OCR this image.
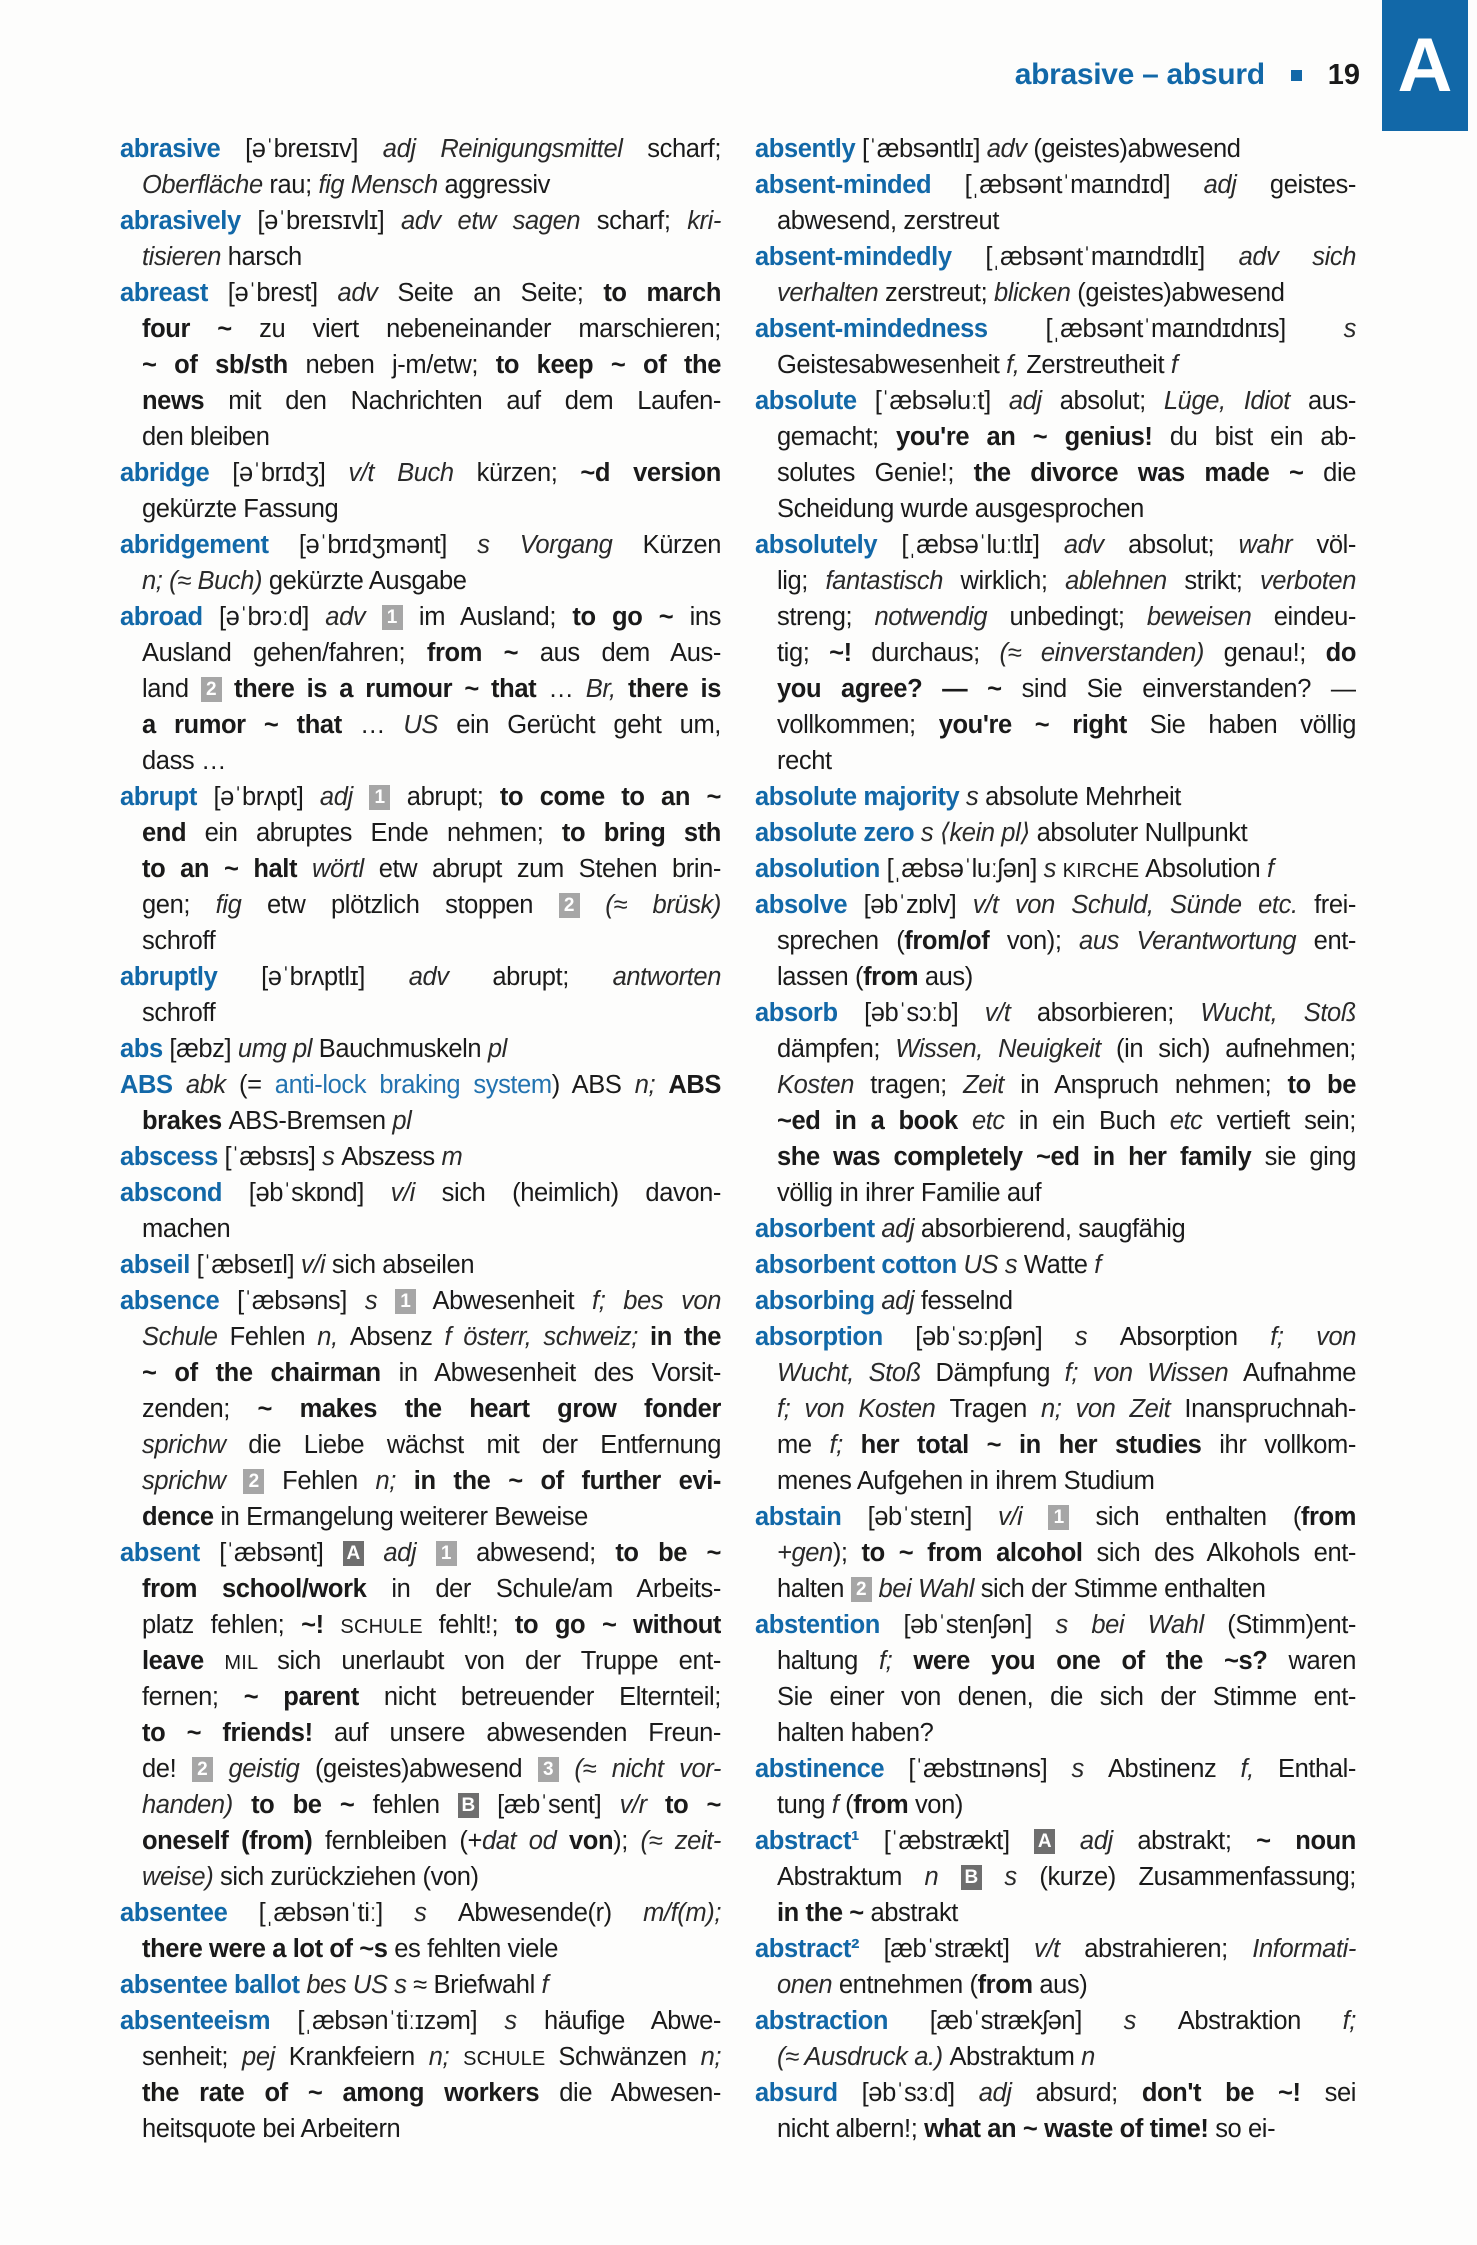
abrasive – absurd 19 A
abrasive [əˈbreɪsɪv] adj Reinigungsmittel scharf;
Oberfläche rau; fig Mensch aggressiv
abrasively [əˈbreɪsɪvlɪ] adv etw sagen scharf; kri-
tisieren harsch
abreast [əˈbrest] adv Seite an Seite; to march
four ~ zu viert nebeneinander marschieren;
~ of sb/sth neben j-m/etw; to keep ~ of the
news mit den Nachrichten auf dem Laufen-
den bleiben
abridge [əˈbrɪdʒ] v/t Buch kürzen; ~d version
gekürzte Fassung
abridgement [əˈbrɪdʒmənt] s Vorgang Kürzen
n; (≈ Buch) gekürzte Ausgabe
abroad [əˈbrɔːd] adv 1 im Ausland; to go ~ ins
Ausland gehen/fahren; from ~ aus dem Aus-
land 2 there is a rumour ~ that … Br, there is
a rumor ~ that … US ein Gerücht geht um,
dass …
abrupt [əˈbrʌpt] adj 1 abrupt; to come to an ~
end ein abruptes Ende nehmen; to bring sth
to an ~ halt wörtl etw abrupt zum Stehen brin-
gen; fig etw plötzlich stoppen 2 (≈ brüsk)
schroff
abruptly [əˈbrʌptlɪ] adv abrupt; antworten
schroff
abs [æbz] umg pl Bauchmuskeln pl
ABS abk (= anti-lock braking system) ABS n; ABS
brakes ABS-Bremsen pl
abscess [ˈæbsɪs] s Abszess m
abscond [əbˈskɒnd] v/i sich (heimlich) davon-
machen
abseil [ˈæbseɪl] v/i sich abseilen
absence [ˈæbsəns] s 1 Abwesenheit f; bes von
Schule Fehlen n, Absenz f österr, schweiz; in the
~ of the chairman in Abwesenheit des Vorsit-
zenden; ~ makes the heart grow fonder
sprichw die Liebe wächst mit der Entfernung
sprichw 2 Fehlen n; in the ~ of further evi-
dence in Ermangelung weiterer Beweise
absent [ˈæbsənt] A adj 1 abwesend; to be ~
from school/work in der Schule/am Arbeits-
platz fehlen; ~! SCHULE fehlt!; to go ~ without
leave MIL sich unerlaubt von der Truppe ent-
fernen; ~ parent nicht betreuender Elternteil;
to ~ friends! auf unsere abwesenden Freun-
de! 2 geistig (geistes)abwesend 3 (≈ nicht vor-
handen) to be ~ fehlen B [æbˈsent] v/r to ~
oneself (from) fernbleiben (+dat od von); (≈ zeit-
weise) sich zurückziehen (von)
absentee [ˌæbsənˈtiː] s Abwesende(r) m/f(m);
there were a lot of ~s es fehlten viele
absentee ballot bes US s ≈ Briefwahl f
absenteeism [ˌæbsənˈtiːɪzəm] s häufige Abwe-
senheit; pej Krankfeiern n; SCHULE Schwänzen n;
the rate of ~ among workers die Abwesen-
heitsquote bei Arbeitern
absently [ˈæbsəntlɪ] adv (geistes)abwesend
absent-minded [ˌæbsəntˈmaɪndɪd] adj geistes-
abwesend, zerstreut
absent-mindedly [ˌæbsəntˈmaɪndɪdlɪ] adv sich
verhalten zerstreut; blicken (geistes)abwesend
absent-mindedness [ˌæbsəntˈmaɪndɪdnɪs] s
Geistesabwesenheit f, Zerstreutheit f
absolute [ˈæbsəluːt] adj absolut; Lüge, Idiot aus-
gemacht; you're an ~ genius! du bist ein ab-
solutes Genie!; the divorce was made ~ die
Scheidung wurde ausgesprochen
absolutely [ˌæbsəˈluːtlɪ] adv absolut; wahr völ-
lig; fantastisch wirklich; ablehnen strikt; verboten
streng; notwendig unbedingt; beweisen eindeu-
tig; ~! durchaus; (≈ einverstanden) genau!; do
you agree? — ~ sind Sie einverstanden? —
vollkommen; you're ~ right Sie haben völlig
recht
absolute majority s absolute Mehrheit
absolute zero s ⟨kein pl⟩ absoluter Nullpunkt
absolution [ˌæbsəˈluːʃən] s KIRCHE Absolution f
absolve [əbˈzɒlv] v/t von Schuld, Sünde etc. frei-
sprechen (from/of von); aus Verantwortung ent-
lassen (from aus)
absorb [əbˈsɔːb] v/t absorbieren; Wucht, Stoß
dämpfen; Wissen, Neuigkeit (in sich) aufnehmen;
Kosten tragen; Zeit in Anspruch nehmen; to be
~ed in a book etc in ein Buch etc vertieft sein;
she was completely ~ed in her family sie ging
völlig in ihrer Familie auf
absorbent adj absorbierend, saugfähig
absorbent cotton US s Watte f
absorbing adj fesselnd
absorption [əbˈsɔːpʃən] s Absorption f; von
Wucht, Stoß Dämpfung f; von Wissen Aufnahme
f; von Kosten Tragen n; von Zeit Inanspruchnah-
me f; her total ~ in her studies ihr vollkom-
menes Aufgehen in ihrem Studium
abstain [əbˈsteɪn] v/i 1 sich enthalten (from
+gen); to ~ from alcohol sich des Alkohols ent-
halten 2 bei Wahl sich der Stimme enthalten
abstention [əbˈstenʃən] s bei Wahl (Stimm)ent-
haltung f; were you one of the ~s? waren
Sie einer von denen, die sich der Stimme ent-
halten haben?
abstinence [ˈæbstɪnəns] s Abstinenz f, Enthal-
tung f (from von)
abstract¹ [ˈæbstrækt] A adj abstrakt; ~ noun
Abstraktum n B s (kurze) Zusammenfassung;
in the ~ abstrakt
abstract² [æbˈstrækt] v/t abstrahieren; Informati-
onen entnehmen (from aus)
abstraction [æbˈstrækʃən] s Abstraktion f;
(≈ Ausdruck a.) Abstraktum n
absurd [əbˈsɜːd] adj absurd; don't be ~! sei
nicht albern!; what an ~ waste of time! so ei-
